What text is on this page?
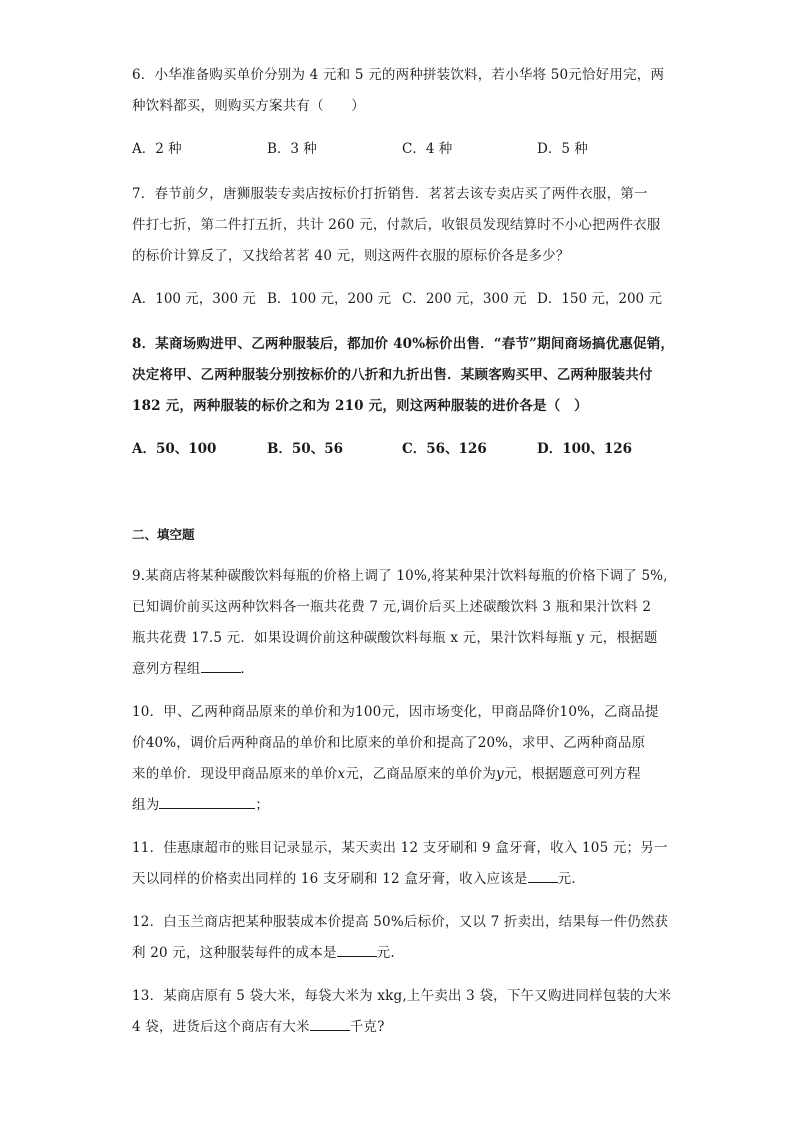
6．小华准备购买单价分别为 4 元和 5 元的两种拼装饮料，若小华将 50元恰好用完，两
种饮料都买，则购买方案共有（　　）
A．2 种	B．3 种	C．4 种	D．5 种
7．春节前夕，唐狮服装专卖店按标价打折销售．茗茗去该专卖店买了两件衣服，第一
件打七折，第二件打五折，共计 260 元，付款后，收银员发现结算时不小心把两件衣服
的标价计算反了，又找给茗茗 40 元，则这两件衣服的原标价各是多少？
A．100 元，300 元 B．100 元，200 元 C．200 元，300 元 D．150 元，200 元
8．某商场购进甲、乙两种服装后，都加价 40%标价出售．“春节”期间商场搞优惠促销，
决定将甲、乙两种服装分别按标价的八折和九折出售．某顾客购买甲、乙两种服装共付
182 元，两种服装的标价之和为 210 元，则这两种服装的进价各是（　）
A．50、100	B．50、56	C．56、126	D．100、126
二、填空题
9.某商店将某种碳酸饮料每瓶的价格上调了 10%,将某种果汁饮料每瓶的价格下调了 5%,
已知调价前买这两种饮料各一瓶共花费 7 元,调价后买上述碳酸饮料 3 瓶和果汁饮料 2
瓶共花费 17.5 元．如果设调价前这种碳酸饮料每瓶 x 元，果汁饮料每瓶 y 元，根据题
意列方程组	．
10．甲、乙两种商品原来的单价和为100元，因市场变化，甲商品降价10%，乙商品提
价40%，调价后两种商品的单价和比原来的单价和提高了20%，求甲、乙两种商品原
来的单价．现设甲商品原来的单价x元，乙商品原来的单价为y元，根据题意可列方程
组为	；
11．佳惠康超市的账目记录显示，某天卖出 12 支牙刷和 9 盒牙膏，收入 105 元；另一
天以同样的价格卖出同样的 16 支牙刷和 12 盒牙膏，收入应该是 元．
12．白玉兰商店把某种服装成本价提高 50%后标价，又以 7 折卖出，结果每一件仍然获
利 20 元，这种服装每件的成本是	元.
13．某商店原有 5 袋大米，每袋大米为 xkg,上午卖出 3 袋，下午又购进同样包装的大米
4 袋，进货后这个商店有大米	千克?
